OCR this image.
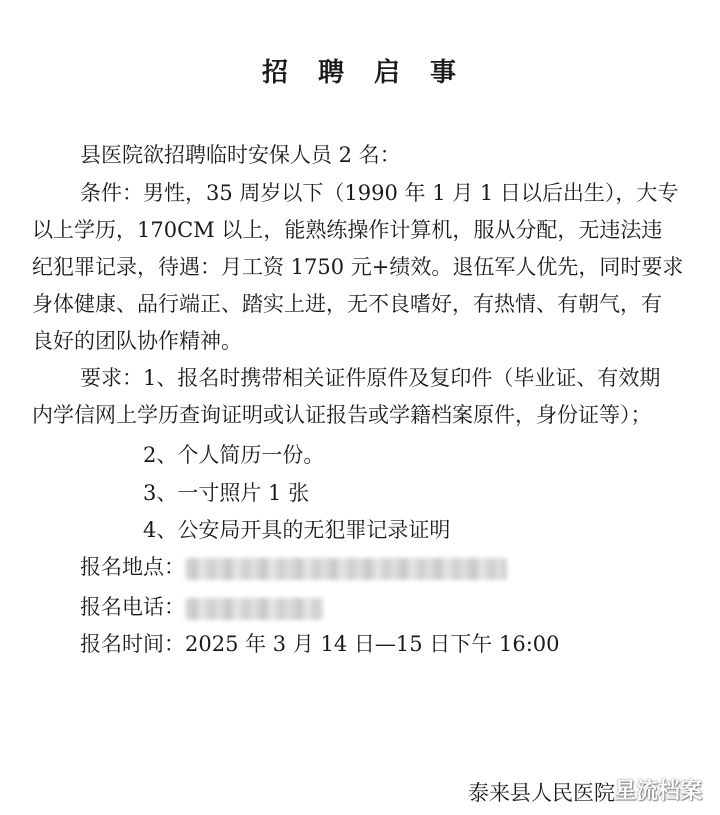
招　聘　启　事
县医院欲招聘临时安保人员 2 名：
条件：男性，35 周岁以下（1990 年 1 月 1 日以后出生），大专
以上学历，170CM 以上，能熟练操作计算机，服从分配，无违法违
纪犯罪记录，待遇：月工资 1750 元+绩效。退伍军人优先，同时要求
身体健康、品行端正、踏实上进，无不良嗜好，有热情、有朝气，有
良好的团队协作精神。
要求：1、报名时携带相关证件原件及复印件（毕业证、有效期
内学信网上学历查询证明或认证报告或学籍档案原件，身份证等）；
2、个人简历一份。
3、一寸照片 1 张
4、公安局开具的无犯罪记录证明
报名地点：
报名电话：
报名时间：2025 年 3 月 14 日—15 日下午 16:00
泰来县人民医院 星流档案
